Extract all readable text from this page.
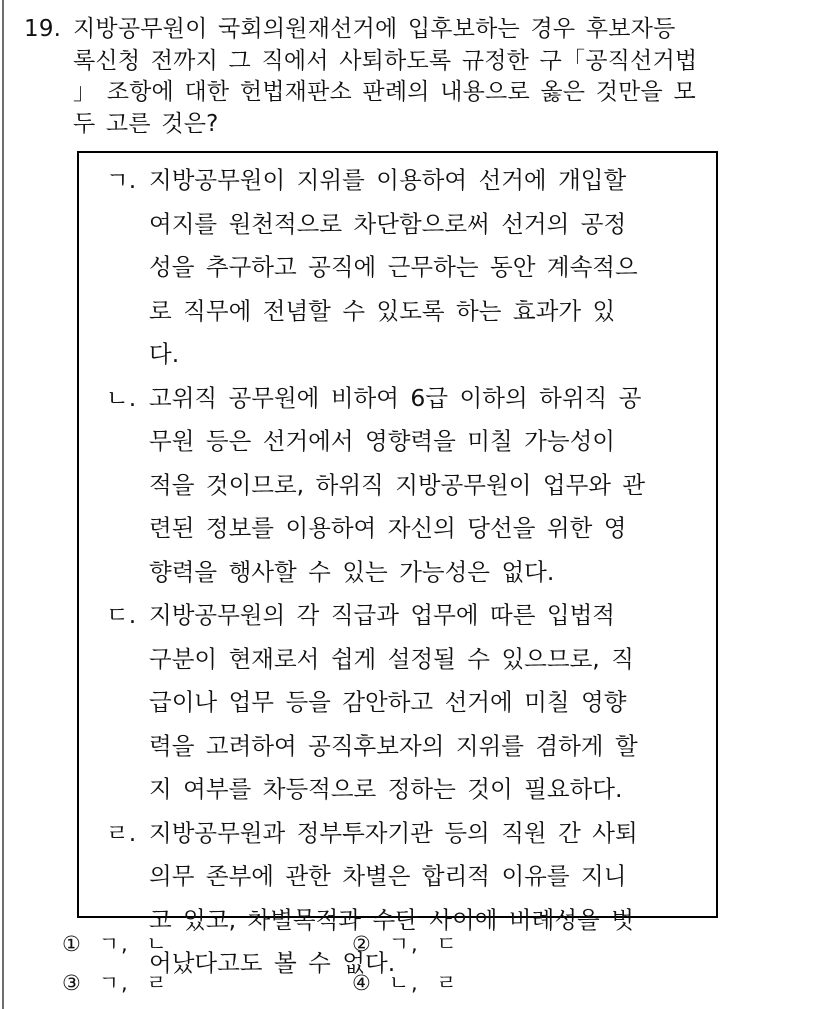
19. 지방공무원이 국회의원재선거에 입후보하는 경우 후보자등
록신청 전까지 그 직에서 사퇴하도록 규정한 구「공직선거법
」 조항에 대한 헌법재판소 판례의 내용으로 옳은 것만을 모
두 고른 것은?
ㄱ. 지방공무원이 지위를 이용하여 선거에 개입할
여지를 원천적으로 차단함으로써 선거의 공정
성을 추구하고 공직에 근무하는 동안 계속적으
로 직무에 전념할 수 있도록 하는 효과가 있
다.
ㄴ. 고위직 공무원에 비하여 6급 이하의 하위직 공
무원 등은 선거에서 영향력을 미칠 가능성이
적을 것이므로, 하위직 지방공무원이 업무와 관
련된 정보를 이용하여 자신의 당선을 위한 영
향력을 행사할 수 있는 가능성은 없다.
ㄷ. 지방공무원의 각 직급과 업무에 따른 입법적
구분이 현재로서 쉽게 설정될 수 있으므로, 직
급이나 업무 등을 감안하고 선거에 미칠 영향
력을 고려하여 공직후보자의 지위를 겸하게 할
지 여부를 차등적으로 정하는 것이 필요하다.
ㄹ. 지방공무원과 정부투자기관 등의 직원 간 사퇴
의무 존부에 관한 차별은 합리적 이유를 지니
고 있고, 차별목적과 수단 사이에 비례성을 벗
어났다고도 볼 수 없다.
① ㄱ, ㄴ	② ㄱ, ㄷ
③ ㄱ, ㄹ	④ ㄴ, ㄹ
